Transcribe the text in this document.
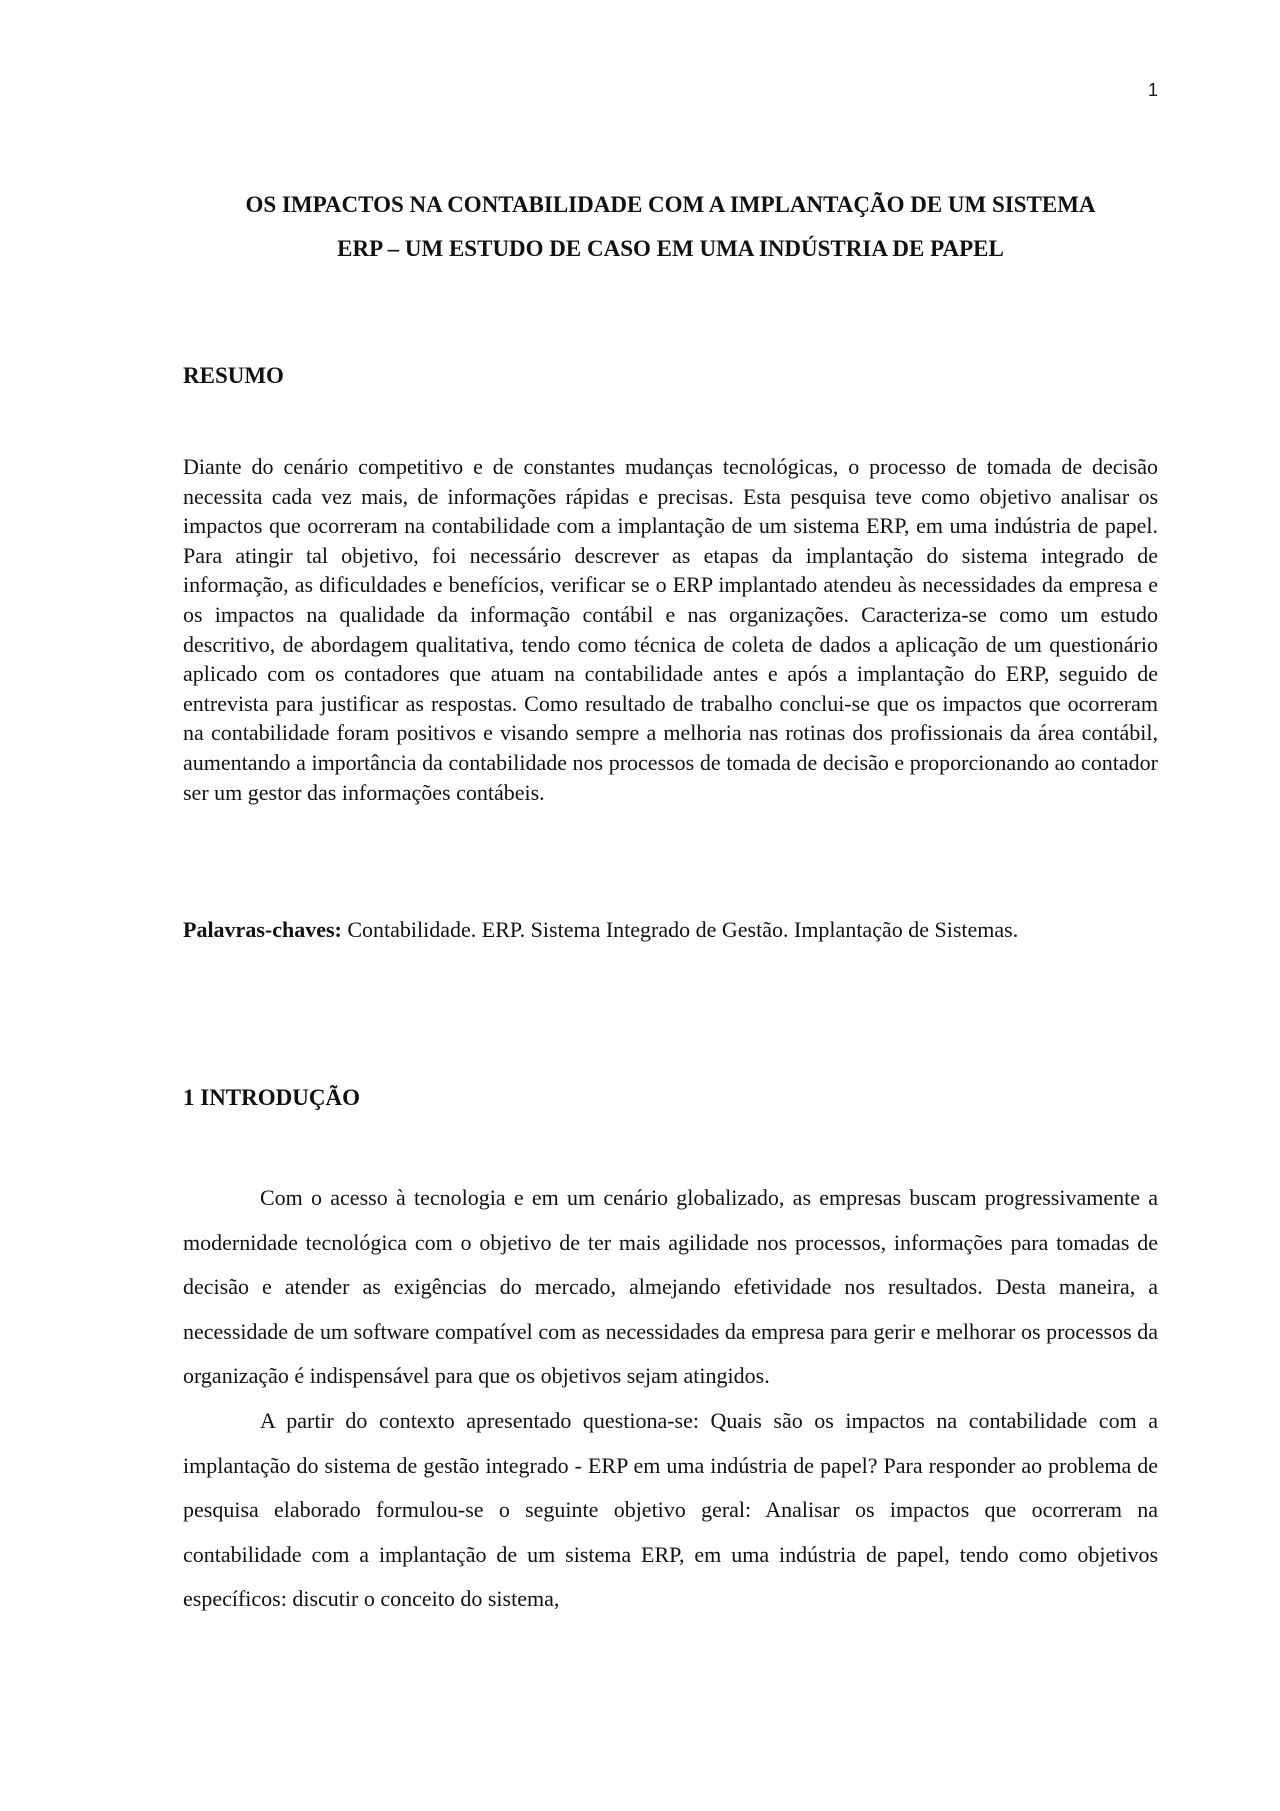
1
OS IMPACTOS NA CONTABILIDADE COM A IMPLANTAÇÃO DE UM SISTEMA
ERP – UM ESTUDO DE CASO EM UMA INDÚSTRIA DE PAPEL
RESUMO

Diante do cenário competitivo e de constantes mudanças tecnológicas, o processo de tomada de decisão necessita cada vez mais, de informações rápidas e precisas. Esta pesquisa teve como objetivo analisar os impactos que ocorreram na contabilidade com a implantação de um sistema ERP, em uma indústria de papel. Para atingir tal objetivo, foi necessário descrever as etapas da implantação do sistema integrado de informação, as dificuldades e benefícios, verificar se o ERP implantado atendeu às necessidades da empresa e os impactos na qualidade da informação contábil e nas organizações. Caracteriza-se como um estudo descritivo, de abordagem qualitativa, tendo como técnica de coleta de dados a aplicação de um questionário aplicado com os contadores que atuam na contabilidade antes e após a implantação do ERP, seguido de entrevista para justificar as respostas. Como resultado de trabalho conclui-se que os impactos que ocorreram na contabilidade foram positivos e visando sempre a melhoria nas rotinas dos profissionais da área contábil, aumentando a importância da contabilidade nos processos de tomada de decisão e proporcionando ao contador ser um gestor das informações contábeis.

Palavras-chaves: Contabilidade. ERP. Sistema Integrado de Gestão. Implantação de Sistemas.

1 INTRODUÇÃO

Com o acesso à tecnologia e em um cenário globalizado, as empresas buscam progressivamente a modernidade tecnológica com o objetivo de ter mais agilidade nos processos, informações para tomadas de decisão e atender as exigências do mercado, almejando efetividade nos resultados. Desta maneira, a necessidade de um software compatível com as necessidades da empresa para gerir e melhorar os processos da organização é indispensável para que os objetivos sejam atingidos.

A partir do contexto apresentado questiona-se: Quais são os impactos na contabilidade com a implantação do sistema de gestão integrado - ERP em uma indústria de papel? Para responder ao problema de pesquisa elaborado formulou-se o seguinte objetivo geral: Analisar os impactos que ocorreram na contabilidade com a implantação de um sistema ERP, em uma indústria de papel, tendo como objetivos específicos: discutir o conceito do sistema,
